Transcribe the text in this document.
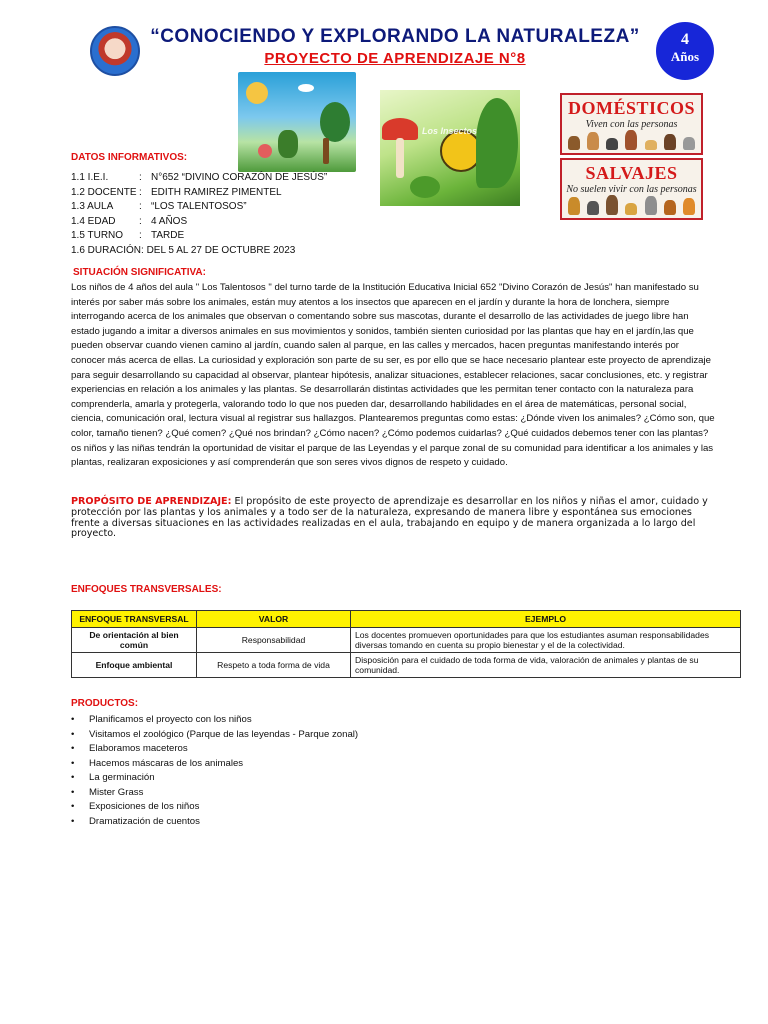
“CONOCIENDO Y EXPLORANDO LA NATURALEZA”
PROYECTO DE APRENDIZAJE N°8
4
Años
Los Insectos
DOMÉSTICOS
Viven con las personas
SALVAJES
No suelen vivir con las personas
DATOS INFORMATIVOS:
1.1 I.E.I.	: N°652 “DIVINO CORAZÓN DE JESÚS”
1.2 DOCENTE : EDITH RAMIREZ PIMENTEL
1.3 AULA	: “LOS TALENTOSOS”
1.4 EDAD	: 4 AÑOS
1.5 TURNO	: TARDE
1.6 DURACIÓN: DEL 5 AL 27 DE OCTUBRE 2023
SITUACIÓN SIGNIFICATIVA:
Los niños de 4 años del aula " Los Talentosos " del turno tarde de la Institución Educativa Inicial 652 "Divino Corazón de Jesús" han manifestado su interés por saber más sobre los animales, están muy atentos a los insectos que aparecen en el jardín y durante la hora de lonchera, siempre interrogando acerca de los animales que observan o comentando sobre sus mascotas, durante el desarrollo de las actividades de juego libre han estado jugando a imitar a diversos animales en sus movimientos y sonidos, también sienten curiosidad por las plantas que hay en el jardín,las que pueden observar cuando vienen camino al jardín, cuando salen al parque, en las calles y mercados, hacen preguntas manifestando interés por conocer más acerca de ellas. La curiosidad y exploración son parte de su ser, es por ello que se hace necesario plantear este proyecto de aprendizaje para seguir desarrollando su capacidad al observar, plantear hipótesis, analizar situaciones, establecer relaciones, sacar conclusiones, etc. y registrar experiencias en relación a los animales y las plantas. Se desarrollarán distintas actividades que les permitan tener contacto con la naturaleza para comprenderla, amarla y protegerla, valorando todo lo que nos pueden dar, desarrollando habilidades en el área de matemáticas, personal social, ciencia, comunicación oral, lectura visual al registrar sus hallazgos. Plantearemos preguntas como estas: ¿Dónde viven los animales? ¿Cómo son, que color, tamaño tienen? ¿Qué comen? ¿Qué nos brindan? ¿Cómo nacen? ¿Cómo podemos cuidarlas? ¿Qué cuidados debemos tener con las plantas? os niños y las niñas tendrán la oportunidad de visitar el parque de las Leyendas y el parque zonal de su comunidad para identificar a los animales y las plantas, realizaran exposiciones y así comprenderán que son seres vivos dignos de respeto y cuidado.
PROPÓSITO DE APRENDIZAJE: El propósito de este proyecto de aprendizaje es desarrollar en los niños y niñas el amor, cuidado y protección por las plantas y los animales y a todo ser de la naturaleza, expresando de manera libre y espontánea sus emociones frente a diversas situaciones en las actividades realizadas en el aula, trabajando en equipo y de manera organizada a lo largo del proyecto.
ENFOQUES TRANSVERSALES:
ENFOQUE TRANSVERSAL	VALOR	EJEMPLO
De orientación al bien común	Responsabilidad	Los docentes promueven oportunidades para que los estudiantes asuman responsabilidades diversas tomando en cuenta su propio bienestar y el de la colectividad.
Enfoque ambiental	Respeto a toda forma de vida	Disposición para el cuidado de toda forma de vida, valoración de animales y plantas de su comunidad.
PRODUCTOS:
•	Planificamos el proyecto con los niños
•	Visitamos el zoológico (Parque de las leyendas - Parque zonal)
•	Elaboramos maceteros
•	Hacemos máscaras de los animales
•	La germinación
•	Mister Grass
•	Exposiciones de los niños
•	Dramatización de cuentos
